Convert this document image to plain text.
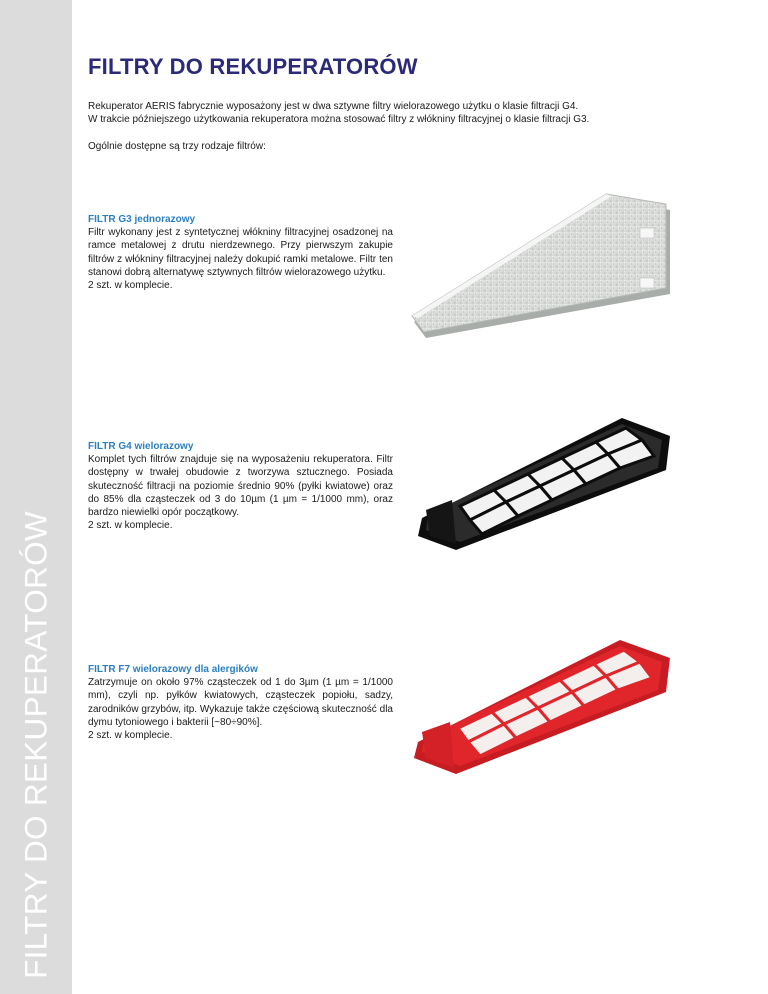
FILTRY DO REKUPERATORÓW
FILTRY DO REKUPERATORÓW
Rekuperator AERIS fabrycznie wyposażony jest w dwa sztywne filtry wielorazowego użytku o klasie filtracji G4.
W trakcie późniejszego użytkowania rekuperatora można stosować filtry z włókniny filtracyjnej o klasie filtracji G3.
Ogólnie dostępne są trzy rodzaje filtrów:
FILTR G3 jednorazowy

Filtr wykonany jest z syntetycznej włókniny filtracyjnej osadzonej na ramce metalowej z drutu nierdzewnego. Przy pierwszym zakupie filtrów z włókniny filtracyjnej należy dokupić ramki metalowe. Filtr ten stanowi dobrą alternatywę sztywnych filtrów wielorazowego użytku.

2 szt. w komplecie.
FILTR G4 wielorazowy

Komplet tych filtrów znajduje się na wyposażeniu rekuperatora. Filtr dostępny w trwałej obudowie z tworzywa sztucznego. Posiada skuteczność filtracji na poziomie średnio 90% (pyłki kwiatowe) oraz do 85% dla cząsteczek od 3 do 10µm (1 µm = 1/1000 mm), oraz bardzo niewielki opór początkowy.

2 szt. w komplecie.
FILTR F7 wielorazowy dla alergików

Zatrzymuje on około 97% cząsteczek od 1 do 3µm (1 µm = 1/1000 mm), czyli np. pyłków kwiatowych, cząsteczek popiołu, sadzy, zarodników grzybów, itp. Wykazuje także częściową skuteczność dla dymu tytoniowego i bakterii [~80÷90%].

2 szt. w komplecie.
